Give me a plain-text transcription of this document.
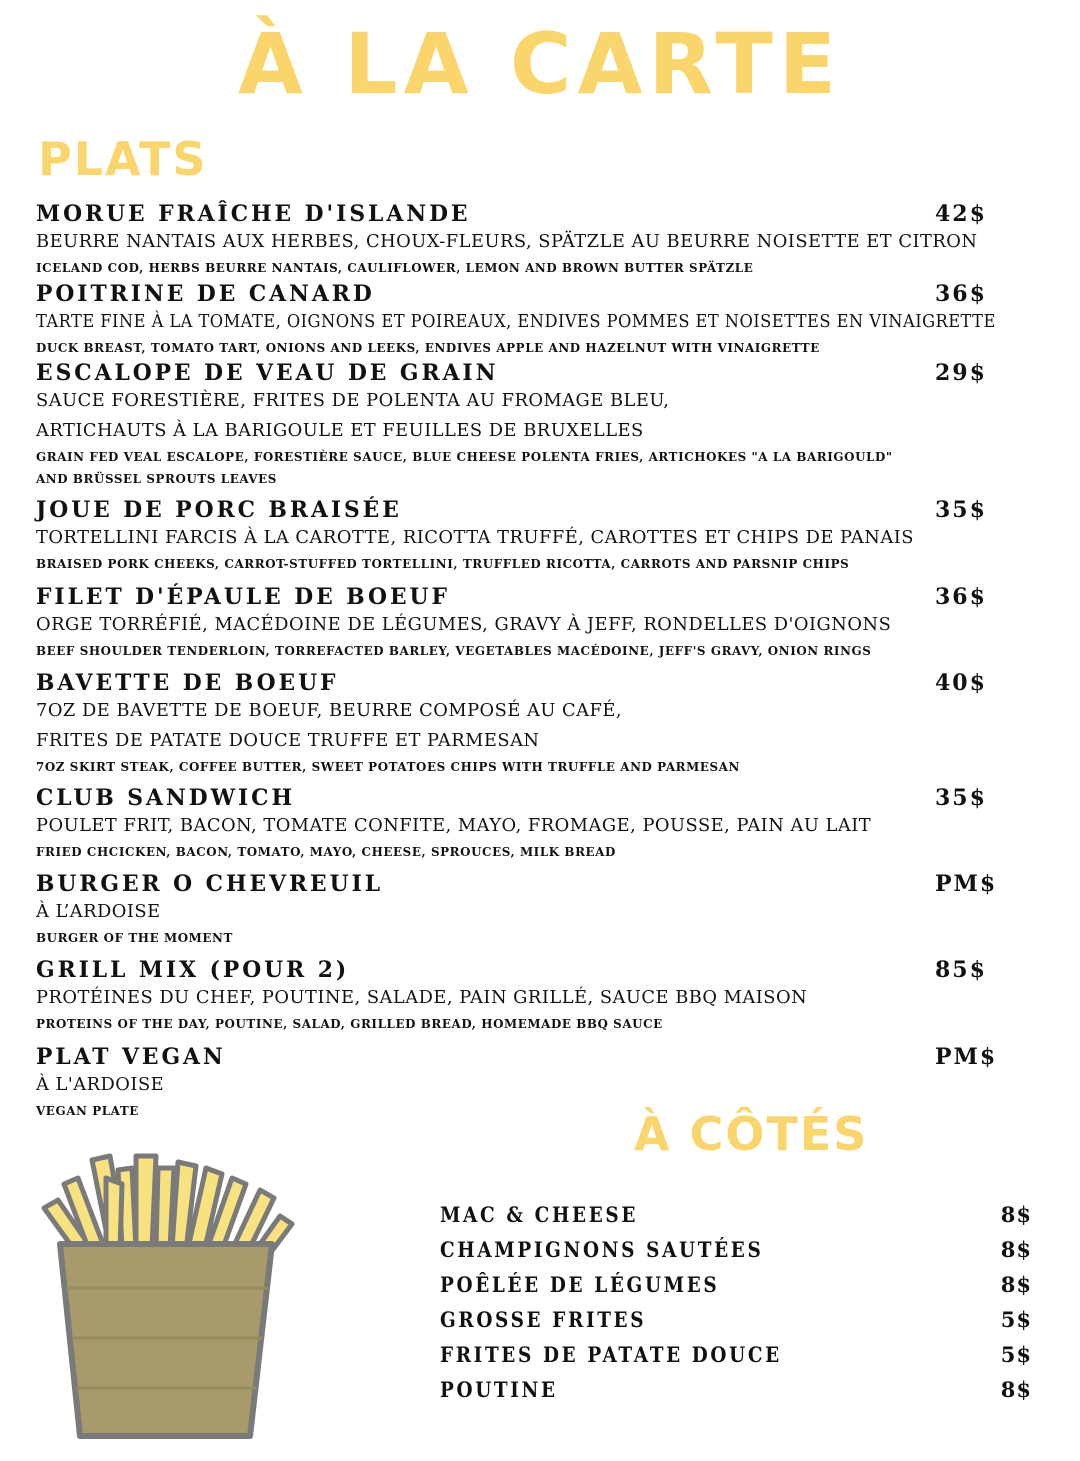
À LA CARTE
PLATS
MORUE FRAÎCHE D'ISLANDE	42$
BEURRE NANTAIS AUX HERBES, CHOUX-FLEURS, SPÄTZLE AU BEURRE NOISETTE ET CITRON
ICELAND COD, HERBS BEURRE NANTAIS, CAULIFLOWER, LEMON AND BROWN BUTTER SPÄTZLE
POITRINE DE CANARD	36$
TARTE FINE À LA TOMATE, OIGNONS ET POIREAUX, ENDIVES POMMES ET NOISETTES EN VINAIGRETTE
DUCK BREAST, TOMATO TART, ONIONS AND LEEKS, ENDIVES APPLE AND HAZELNUT WITH VINAIGRETTE
ESCALOPE DE VEAU DE GRAIN	29$
SAUCE FORESTIÈRE, FRITES DE POLENTA AU FROMAGE BLEU,
ARTICHAUTS À LA BARIGOULE ET FEUILLES DE BRUXELLES
GRAIN FED VEAL ESCALOPE, FORESTIÈRE SAUCE, BLUE CHEESE POLENTA FRIES, ARTICHOKES "A LA BARIGOULD"
AND BRÜSSEL SPROUTS LEAVES
JOUE DE PORC BRAISÉE	35$
TORTELLINI FARCIS À LA CAROTTE, RICOTTA TRUFFÉ, CAROTTES ET CHIPS DE PANAIS
BRAISED PORK CHEEKS, CARROT-STUFFED TORTELLINI, TRUFFLED RICOTTA, CARROTS AND PARSNIP CHIPS
FILET D'ÉPAULE DE BOEUF	36$
ORGE TORRÉFIÉ, MACÉDOINE DE LÉGUMES, GRAVY À JEFF, RONDELLES D'OIGNONS
BEEF SHOULDER TENDERLOIN, TORREFACTED BARLEY, VEGETABLES MACÉDOINE, JEFF'S GRAVY, ONION RINGS
BAVETTE DE BOEUF	40$
7OZ DE BAVETTE DE BOEUF, BEURRE COMPOSÉ AU CAFÉ,
FRITES DE PATATE DOUCE TRUFFE ET PARMESAN
7OZ SKIRT STEAK, COFFEE BUTTER, SWEET POTATOES CHIPS WITH TRUFFLE AND PARMESAN
CLUB SANDWICH	35$
POULET FRIT, BACON, TOMATE CONFITE, MAYO, FROMAGE, POUSSE, PAIN AU LAIT
FRIED CHCICKEN, BACON, TOMATO, MAYO, CHEESE, SPROUCES, MILK BREAD
BURGER O CHEVREUIL	PM$
À L’ARDOISE
BURGER OF THE MOMENT
GRILL MIX (POUR 2)	85$
PROTÉINES DU CHEF, POUTINE, SALADE, PAIN GRILLÉ, SAUCE BBQ MAISON
PROTEINS OF THE DAY, POUTINE, SALAD, GRILLED BREAD, HOMEMADE BBQ SAUCE
PLAT VEGAN	PM$
À L'ARDOISE
VEGAN PLATE	À CÔTÉS
MAC & CHEESE	8$
CHAMPIGNONS SAUTÉES	8$
POÊLÉE DE LÉGUMES	8$
GROSSE FRITES	5$
FRITES DE PATATE DOUCE	5$
POUTINE	8$
